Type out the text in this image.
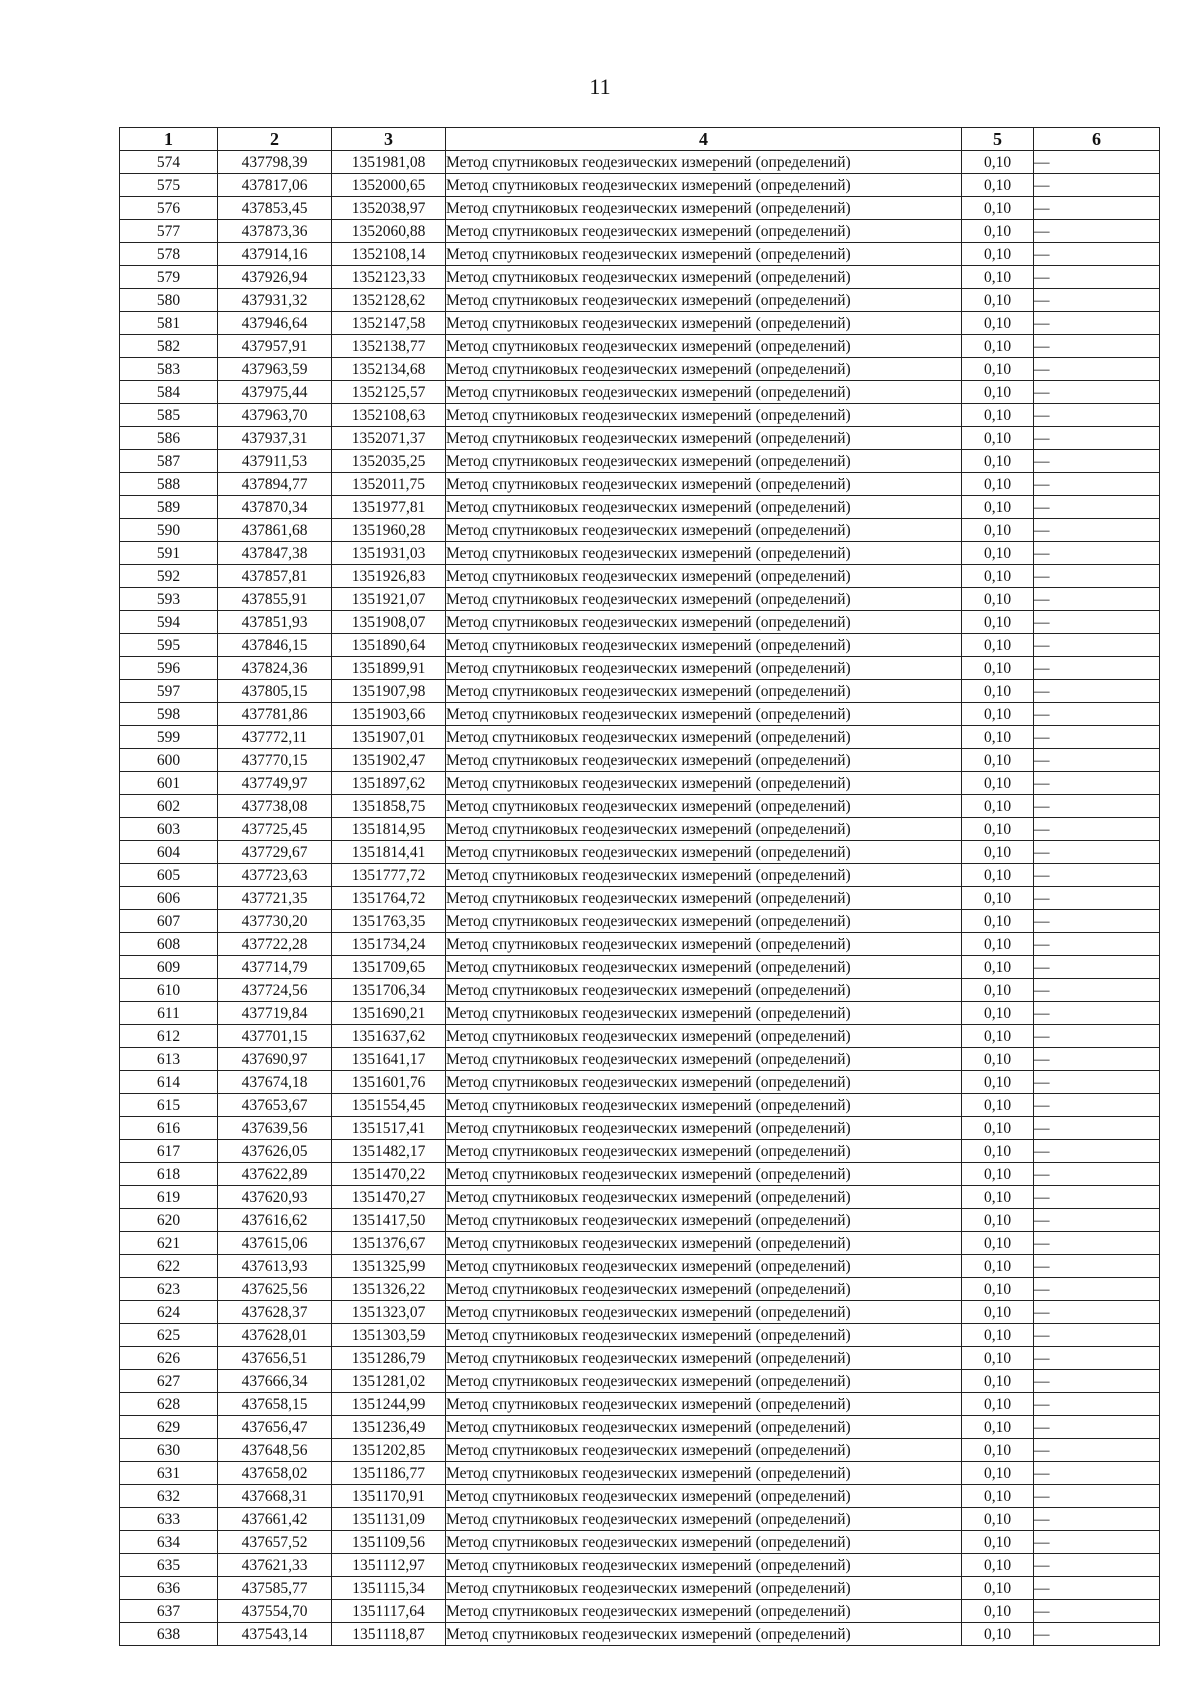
11
1	2	3	4	5	6
574	437798,39	1351981,08	Метод спутниковых геодезических измерений (определений)	0,10	—
575	437817,06	1352000,65	Метод спутниковых геодезических измерений (определений)	0,10	—
576	437853,45	1352038,97	Метод спутниковых геодезических измерений (определений)	0,10	—
577	437873,36	1352060,88	Метод спутниковых геодезических измерений (определений)	0,10	—
578	437914,16	1352108,14	Метод спутниковых геодезических измерений (определений)	0,10	—
579	437926,94	1352123,33	Метод спутниковых геодезических измерений (определений)	0,10	—
580	437931,32	1352128,62	Метод спутниковых геодезических измерений (определений)	0,10	—
581	437946,64	1352147,58	Метод спутниковых геодезических измерений (определений)	0,10	—
582	437957,91	1352138,77	Метод спутниковых геодезических измерений (определений)	0,10	—
583	437963,59	1352134,68	Метод спутниковых геодезических измерений (определений)	0,10	—
584	437975,44	1352125,57	Метод спутниковых геодезических измерений (определений)	0,10	—
585	437963,70	1352108,63	Метод спутниковых геодезических измерений (определений)	0,10	—
586	437937,31	1352071,37	Метод спутниковых геодезических измерений (определений)	0,10	—
587	437911,53	1352035,25	Метод спутниковых геодезических измерений (определений)	0,10	—
588	437894,77	1352011,75	Метод спутниковых геодезических измерений (определений)	0,10	—
589	437870,34	1351977,81	Метод спутниковых геодезических измерений (определений)	0,10	—
590	437861,68	1351960,28	Метод спутниковых геодезических измерений (определений)	0,10	—
591	437847,38	1351931,03	Метод спутниковых геодезических измерений (определений)	0,10	—
592	437857,81	1351926,83	Метод спутниковых геодезических измерений (определений)	0,10	—
593	437855,91	1351921,07	Метод спутниковых геодезических измерений (определений)	0,10	—
594	437851,93	1351908,07	Метод спутниковых геодезических измерений (определений)	0,10	—
595	437846,15	1351890,64	Метод спутниковых геодезических измерений (определений)	0,10	—
596	437824,36	1351899,91	Метод спутниковых геодезических измерений (определений)	0,10	—
597	437805,15	1351907,98	Метод спутниковых геодезических измерений (определений)	0,10	—
598	437781,86	1351903,66	Метод спутниковых геодезических измерений (определений)	0,10	—
599	437772,11	1351907,01	Метод спутниковых геодезических измерений (определений)	0,10	—
600	437770,15	1351902,47	Метод спутниковых геодезических измерений (определений)	0,10	—
601	437749,97	1351897,62	Метод спутниковых геодезических измерений (определений)	0,10	—
602	437738,08	1351858,75	Метод спутниковых геодезических измерений (определений)	0,10	—
603	437725,45	1351814,95	Метод спутниковых геодезических измерений (определений)	0,10	—
604	437729,67	1351814,41	Метод спутниковых геодезических измерений (определений)	0,10	—
605	437723,63	1351777,72	Метод спутниковых геодезических измерений (определений)	0,10	—
606	437721,35	1351764,72	Метод спутниковых геодезических измерений (определений)	0,10	—
607	437730,20	1351763,35	Метод спутниковых геодезических измерений (определений)	0,10	—
608	437722,28	1351734,24	Метод спутниковых геодезических измерений (определений)	0,10	—
609	437714,79	1351709,65	Метод спутниковых геодезических измерений (определений)	0,10	—
610	437724,56	1351706,34	Метод спутниковых геодезических измерений (определений)	0,10	—
611	437719,84	1351690,21	Метод спутниковых геодезических измерений (определений)	0,10	—
612	437701,15	1351637,62	Метод спутниковых геодезических измерений (определений)	0,10	—
613	437690,97	1351641,17	Метод спутниковых геодезических измерений (определений)	0,10	—
614	437674,18	1351601,76	Метод спутниковых геодезических измерений (определений)	0,10	—
615	437653,67	1351554,45	Метод спутниковых геодезических измерений (определений)	0,10	—
616	437639,56	1351517,41	Метод спутниковых геодезических измерений (определений)	0,10	—
617	437626,05	1351482,17	Метод спутниковых геодезических измерений (определений)	0,10	—
618	437622,89	1351470,22	Метод спутниковых геодезических измерений (определений)	0,10	—
619	437620,93	1351470,27	Метод спутниковых геодезических измерений (определений)	0,10	—
620	437616,62	1351417,50	Метод спутниковых геодезических измерений (определений)	0,10	—
621	437615,06	1351376,67	Метод спутниковых геодезических измерений (определений)	0,10	—
622	437613,93	1351325,99	Метод спутниковых геодезических измерений (определений)	0,10	—
623	437625,56	1351326,22	Метод спутниковых геодезических измерений (определений)	0,10	—
624	437628,37	1351323,07	Метод спутниковых геодезических измерений (определений)	0,10	—
625	437628,01	1351303,59	Метод спутниковых геодезических измерений (определений)	0,10	—
626	437656,51	1351286,79	Метод спутниковых геодезических измерений (определений)	0,10	—
627	437666,34	1351281,02	Метод спутниковых геодезических измерений (определений)	0,10	—
628	437658,15	1351244,99	Метод спутниковых геодезических измерений (определений)	0,10	—
629	437656,47	1351236,49	Метод спутниковых геодезических измерений (определений)	0,10	—
630	437648,56	1351202,85	Метод спутниковых геодезических измерений (определений)	0,10	—
631	437658,02	1351186,77	Метод спутниковых геодезических измерений (определений)	0,10	—
632	437668,31	1351170,91	Метод спутниковых геодезических измерений (определений)	0,10	—
633	437661,42	1351131,09	Метод спутниковых геодезических измерений (определений)	0,10	—
634	437657,52	1351109,56	Метод спутниковых геодезических измерений (определений)	0,10	—
635	437621,33	1351112,97	Метод спутниковых геодезических измерений (определений)	0,10	—
636	437585,77	1351115,34	Метод спутниковых геодезических измерений (определений)	0,10	—
637	437554,70	1351117,64	Метод спутниковых геодезических измерений (определений)	0,10	—
638	437543,14	1351118,87	Метод спутниковых геодезических измерений (определений)	0,10	—
